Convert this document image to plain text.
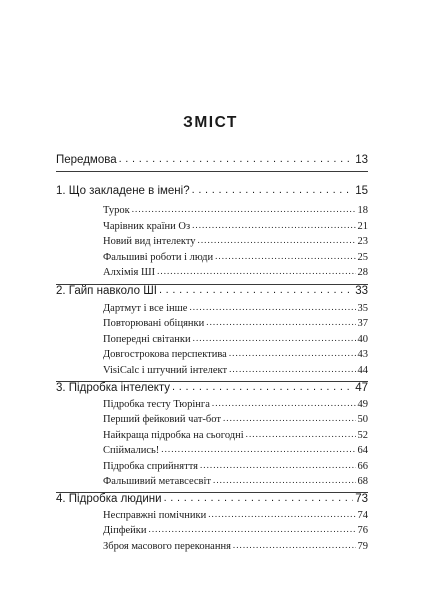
ЗМІСТ
Передмова . . .	13
1. Що закладене в імені? . . .	15
Турок . . .	18
Чарівник країни Оз . . .	21
Новий вид інтелекту . . .	23
Фальшиві роботи і люди . . .	25
Алхімія ШІ . . .	28
2. Гайп навколо ШІ . . .	33
Дартмут і все інше . . .	35
Повторювані обіцянки . . .	37
Попередні світанки . . .	40
Довгострокова перспектива . . .	43
VisiCalc і штучний інтелект . . .	44
3. Підробка інтелекту . . .	47
Підробка тесту Тюрінга . . .	49
Перший фейковий чат-бот . . .	50
Найкраща підробка на сьогодні . . .	52
Спіймались! . . .	64
Підробка сприйняття . . .	66
Фальшивий метавсесвіт . . .	68
4. Підробка людини . . .	73
Несправжні помічники . . .	74
Діпфейки . . .	76
Зброя масового переконання . . .	79
